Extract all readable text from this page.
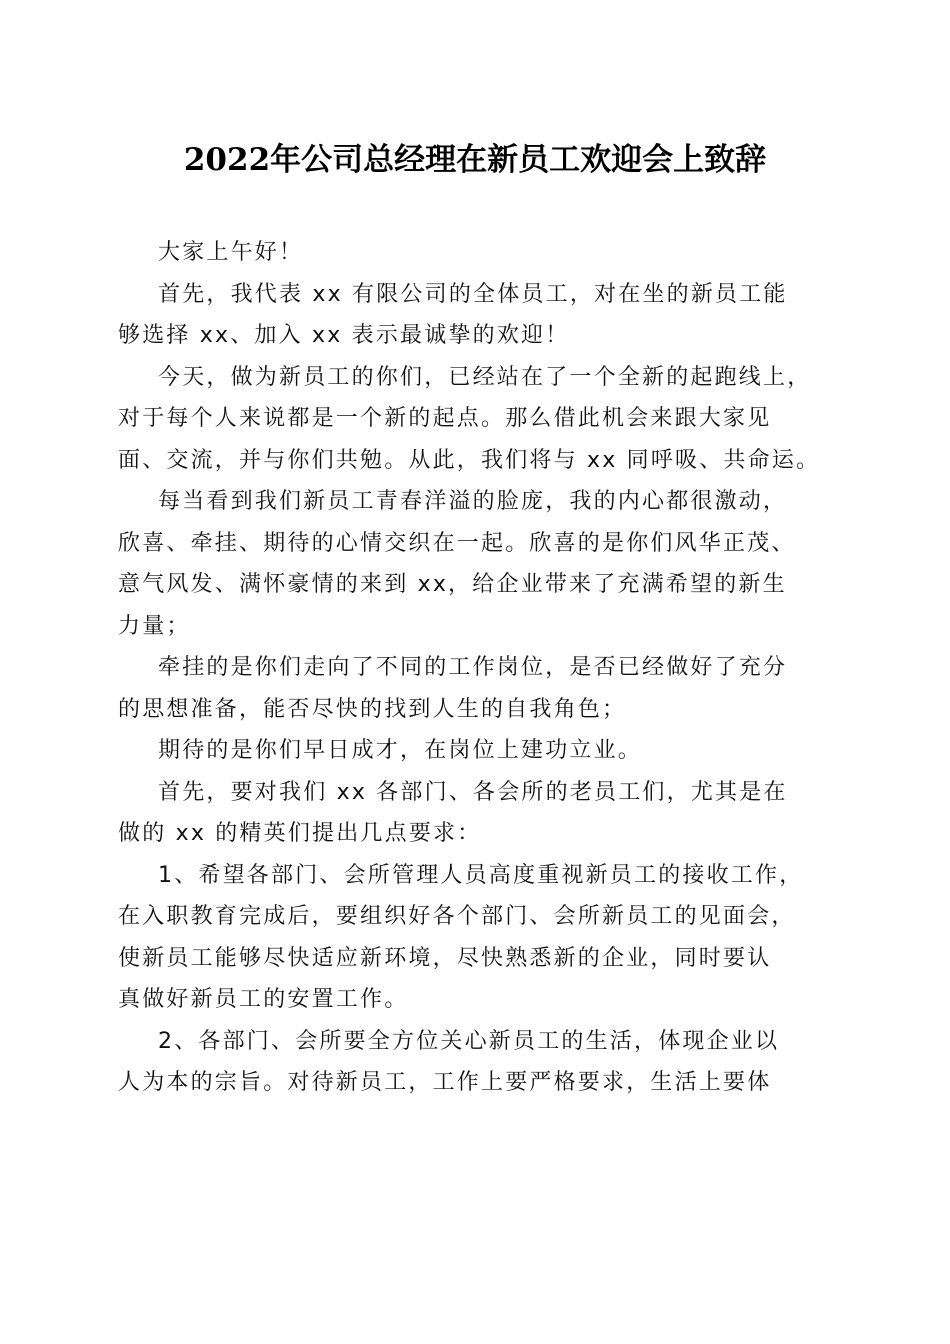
2022年公司总经理在新员工欢迎会上致辞
大家上午好！
首先，我代表 xx 有限公司的全体员工，对在坐的新员工能
够选择 xx、加入 xx 表示最诚挚的欢迎！
今天，做为新员工的你们，已经站在了一个全新的起跑线上，
对于每个人来说都是一个新的起点。那么借此机会来跟大家见
面、交流，并与你们共勉。从此，我们将与 xx 同呼吸、共命运。
每当看到我们新员工青春洋溢的脸庞，我的内心都很激动，
欣喜、牵挂、期待的心情交织在一起。欣喜的是你们风华正茂、
意气风发、满怀豪情的来到 xx，给企业带来了充满希望的新生
力量；
牵挂的是你们走向了不同的工作岗位，是否已经做好了充分
的思想准备，能否尽快的找到人生的自我角色；
期待的是你们早日成才，在岗位上建功立业。
首先，要对我们 xx 各部门、各会所的老员工们，尤其是在
做的 xx 的精英们提出几点要求：
1、希望各部门、会所管理人员高度重视新员工的接收工作，
在入职教育完成后，要组织好各个部门、会所新员工的见面会，
使新员工能够尽快适应新环境，尽快熟悉新的企业，同时要认
真做好新员工的安置工作。
2、各部门、会所要全方位关心新员工的生活，体现企业以
人为本的宗旨。对待新员工，工作上要严格要求，生活上要体
